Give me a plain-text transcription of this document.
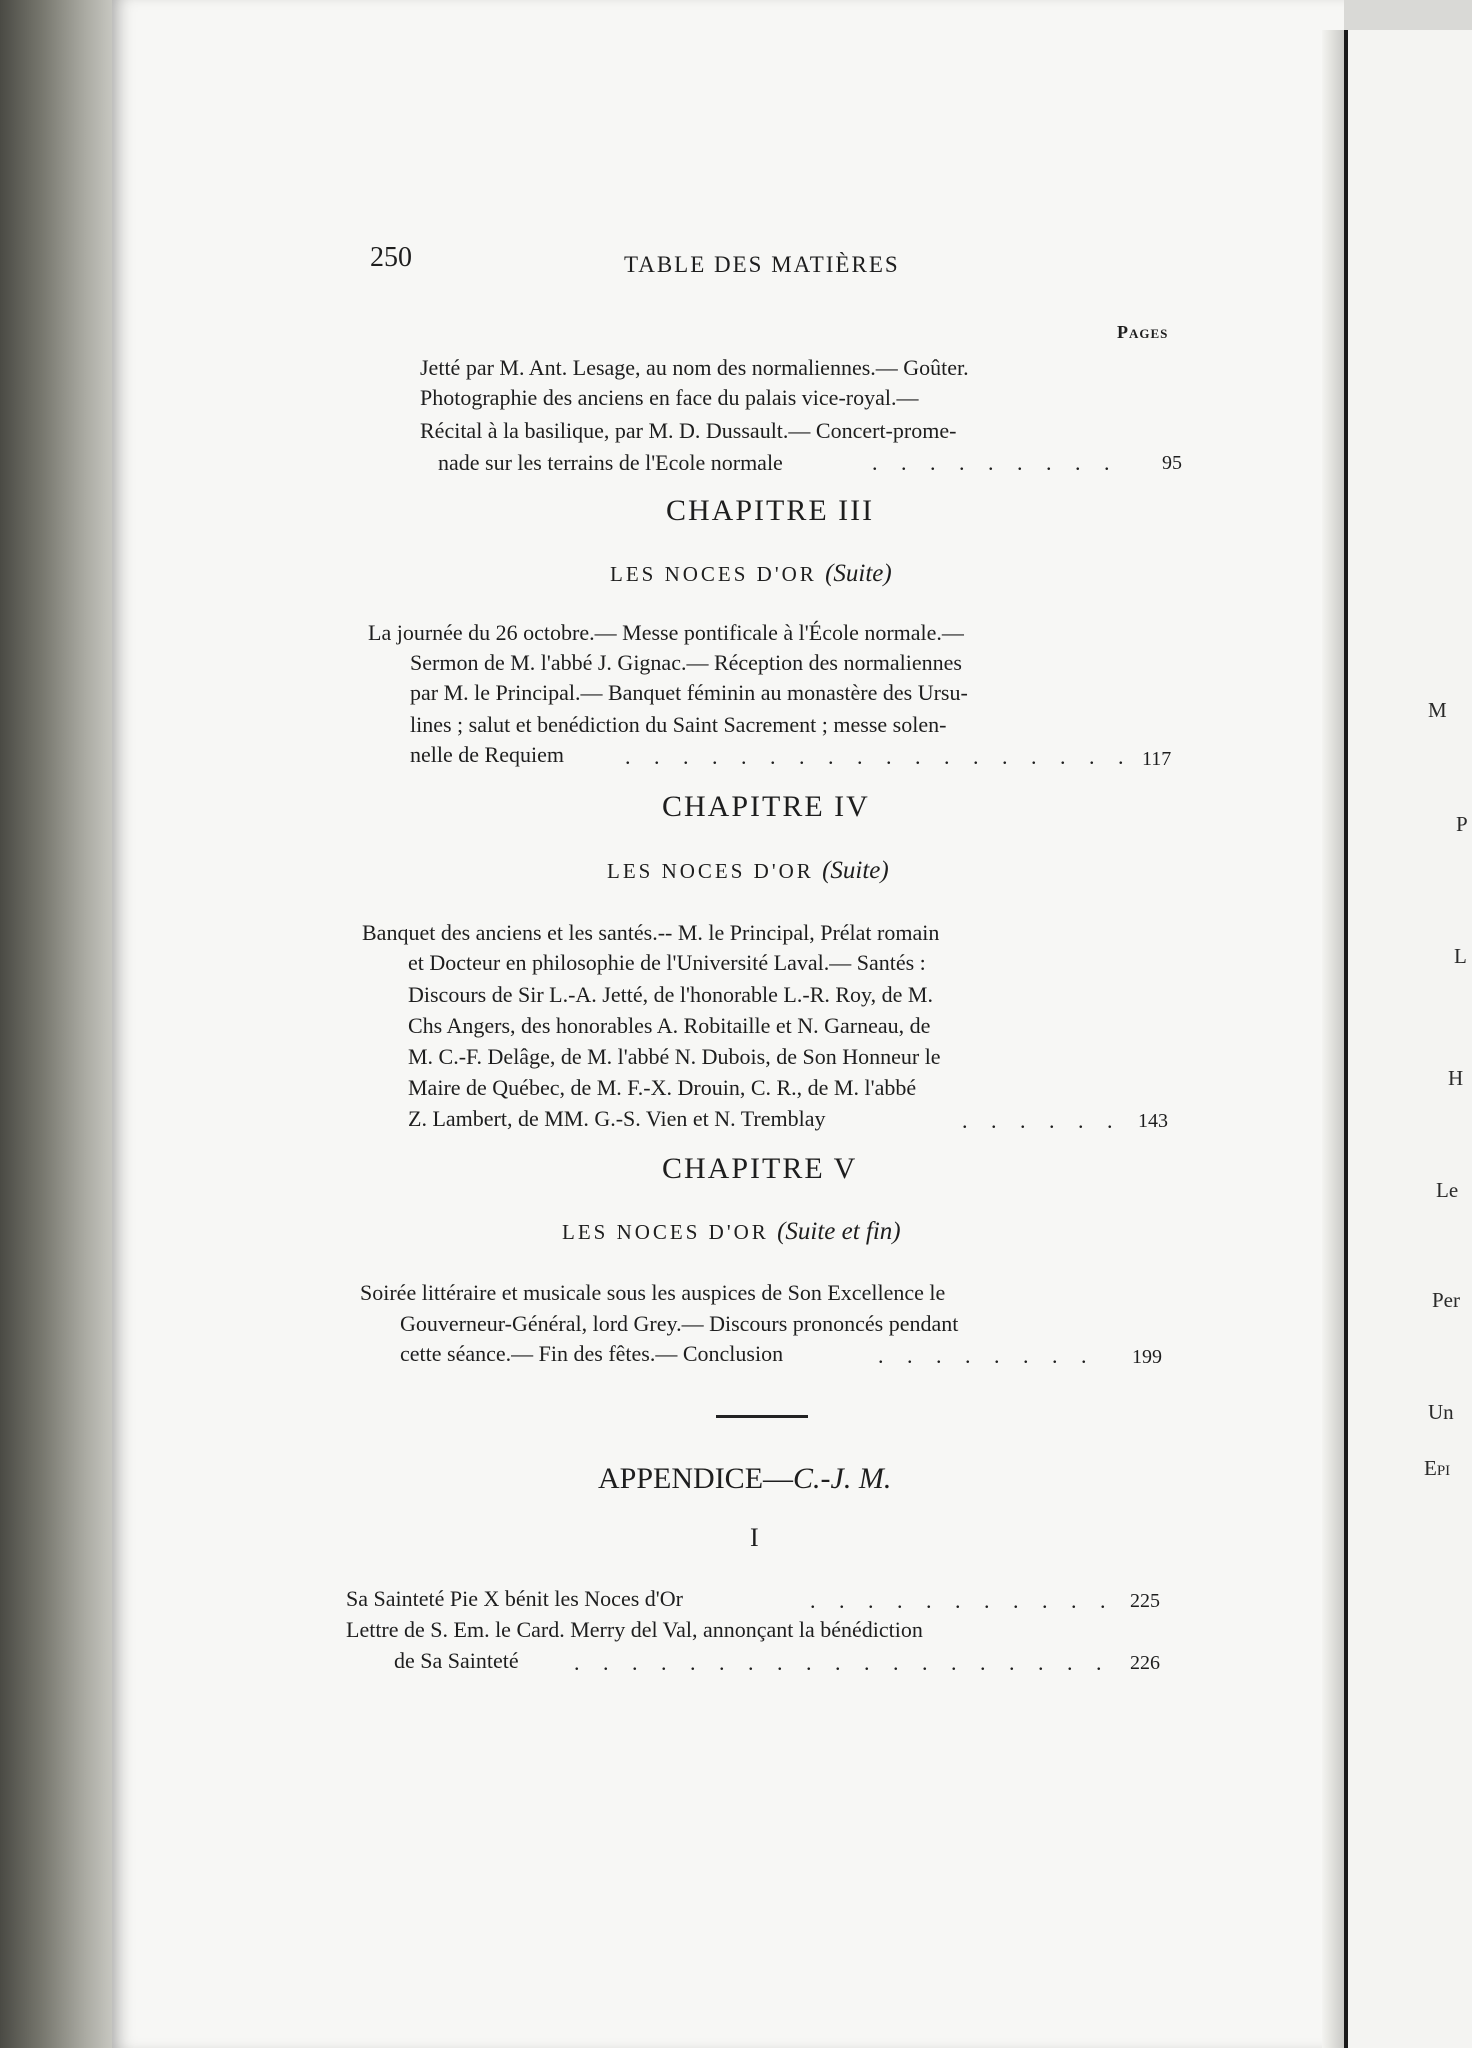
M
P
L
H
Le
Per
Un
Epi
250	TABLE DES MATIÈRES
Pages
Jetté par M. Ant. Lesage, au nom des normaliennes.— Goûter.
Photographie des anciens en face du palais vice-royal.—
Récital à la basilique, par M. D. Dussault.— Concert-prome-
nade sur les terrains de l'Ecole normale	. . . . . . . . . 95
CHAPITRE III
LES NOCES D'OR (Suite)
La journée du 26 octobre.— Messe pontificale à l'École normale.—
Sermon de M. l'abbé J. Gignac.— Réception des normaliennes
par M. le Principal.— Banquet féminin au monastère des Ursu-
lines ; salut et benédiction du Saint Sacrement ; messe solen-
nelle de Requiem	. . . . . . . . . . . . . . . . . . 117
CHAPITRE IV
LES NOCES D'OR (Suite)
Banquet des anciens et les santés.-- M. le Principal, Prélat romain
et Docteur en philosophie de l'Université Laval.— Santés :
Discours de Sir L.-A. Jetté, de l'honorable L.-R. Roy, de M.
Chs Angers, des honorables A. Robitaille et N. Garneau, de
M. C.-F. Delâge, de M. l'abbé N. Dubois, de Son Honneur le
Maire de Québec, de M. F.-X. Drouin, C. R., de M. l'abbé
Z. Lambert, de MM. G.-S. Vien et N. Tremblay	. . . . . . 143
CHAPITRE V
LES NOCES D'OR (Suite et fin)
Soirée littéraire et musicale sous les auspices de Son Excellence le
Gouverneur-Général, lord Grey.— Discours prononcés pendant
cette séance.— Fin des fêtes.— Conclusion	. . . . . . . . 199
APPENDICE—C.-J. M.
I
Sa Sainteté Pie X bénit les Noces d'Or	. . . . . . . . . . . 225
Lettre de S. Em. le Card. Merry del Val, annonçant la bénédiction
de Sa Sainteté	. . . . . . . . . . . . . . . . . . . 226
